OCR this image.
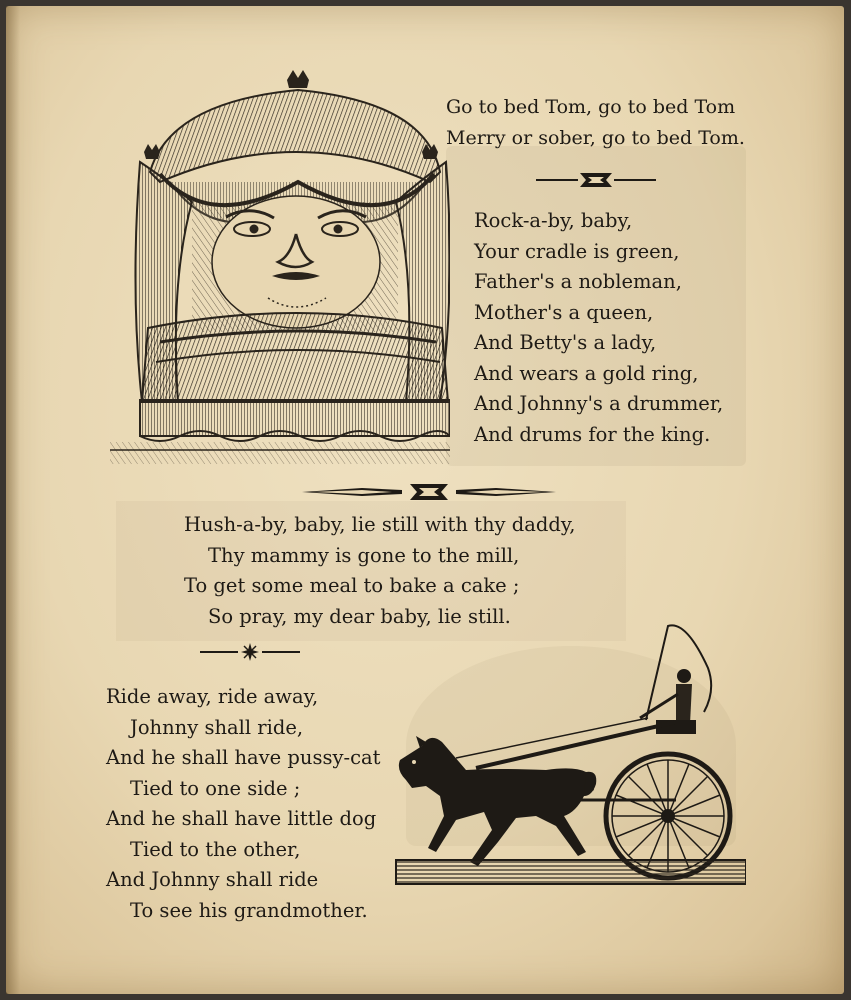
Go to bed Tom, go to bed Tom
Merry or sober, go to bed Tom.
Rock-a-by, baby,
Your cradle is green,
Father's a nobleman,
Mother's a queen,
And Betty's a lady,
And wears a gold ring,
And Johnny's a drummer,
And drums for the king.
Hush-a-by, baby, lie still with thy daddy,
Thy mammy is gone to the mill,
To get some meal to bake a cake ;
So pray, my dear baby, lie still.
Ride away, ride away,
Johnny shall ride,
And he shall have pussy-cat
Tied to one side ;
And he shall have little dog
Tied to the other,
And Johnny shall ride
To see his grandmother.
